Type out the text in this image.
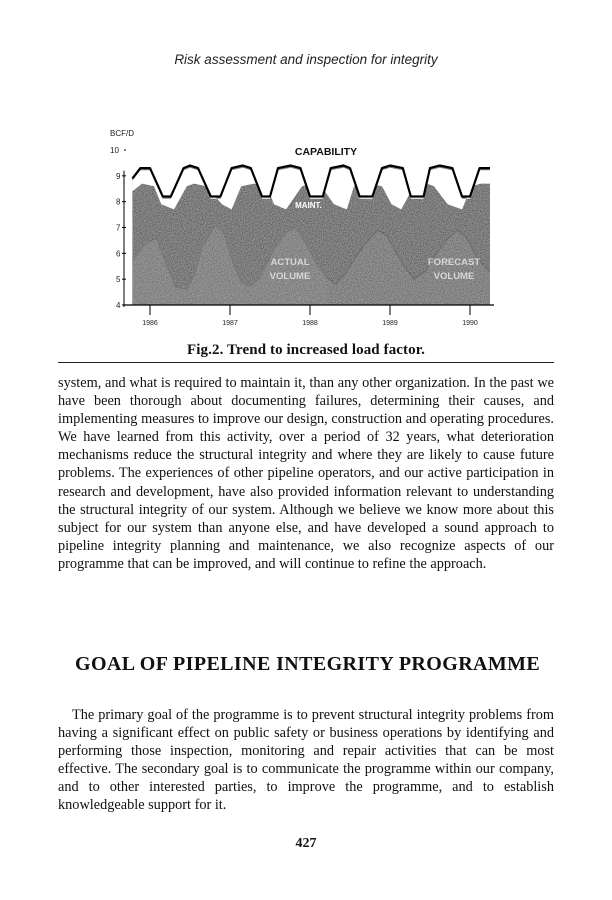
Risk assessment and inspection for integrity
BCF/D
4
5
6
7
8
9
10
1986	1987	1988	1989	1990
CAPABILITY
MAINT.
ACTUAL
VOLUME
FORECAST
VOLUME
Fig.2. Trend to increased load factor.

system, and what is required to maintain it, than any other organization. In the past we have been thorough about documenting failures, determining their causes, and implementing measures to improve our design, construction and operating procedures. We have learned from this activity, over a period of 32 years, what deterioration mechanisms reduce the structural integrity and where they are likely to cause future problems. The experiences of other pipeline operators, and our active participation in research and development, have also provided information relevant to understanding the structural integrity of our system. Although we believe we know more about this subject for our system than anyone else, and have developed a sound approach to pipeline integrity planning and maintenance, we also recognize aspects of our programme that can be improved, and will continue to refine the approach.

GOAL OF PIPELINE INTEGRITY PROGRAMME

The primary goal of the programme is to prevent structural integrity problems from having a significant effect on public safety or business operations by identifying and performing those inspection, monitoring and repair activities that can be most effective. The secondary goal is to communicate the programme within our company, and to other interested parties, to improve the programme, and to establish knowledgeable support for it.

427
